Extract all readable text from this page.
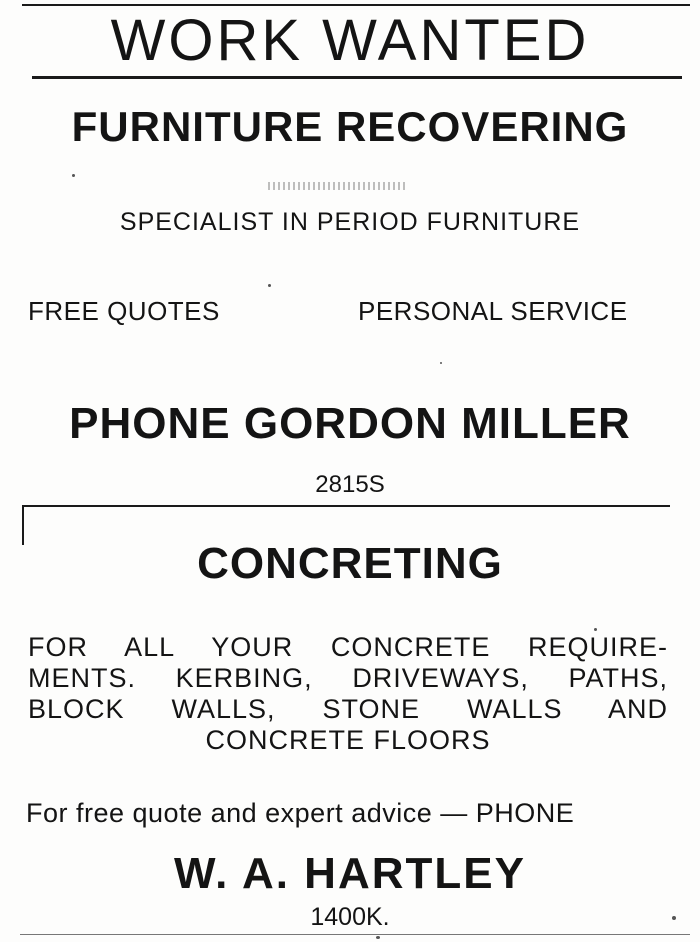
WORK WANTED
FURNITURE RECOVERING
SPECIALIST IN PERIOD FURNITURE
FREE QUOTES	PERSONAL SERVICE
PHONE GORDON MILLER
2815S
CONCRETING
FOR ALL YOUR CONCRETE REQUIRE-
MENTS. KERBING, DRIVEWAYS, PATHS,
BLOCK WALLS, STONE WALLS AND
CONCRETE FLOORS
For free quote and expert advice — PHONE
W. A. HARTLEY
1400K.
